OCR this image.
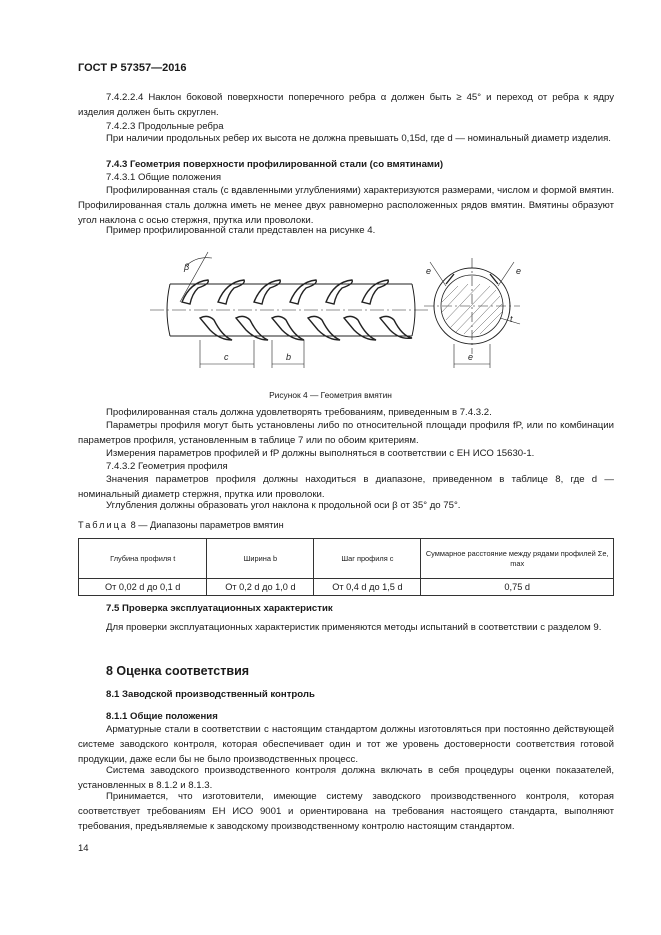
ГОСТ Р 57357—2016

7.4.2.2.4 Наклон боковой поверхности поперечного ребра α должен быть ≥ 45° и переход от ребра к ядру изделия должен быть скруглен.

7.4.2.3 Продольные ребра

При наличии продольных ребер их высота не должна превышать 0,15d, где d — номинальный диаметр изделия.

7.4.3 Геометрия поверхности профилированной стали (со вмятинами)

7.4.3.1 Общие положения

Профилированная сталь (с вдавленными углублениями) характеризуются размерами, числом и формой вмятин. Профилированная сталь должна иметь не менее двух равномерно расположенных рядов вмятин. Вмятины образуют угол наклона с осью стержня, прутка или проволоки.

Пример профилированной стали представлен на рисунке 4.

β
c	b
e	e
e
t
Рисунок 4 — Геометрия вмятин

Профилированная сталь должна удовлетворять требованиям, приведенным в 7.4.3.2.

Параметры профиля могут быть установлены либо по относительной площади профиля fP, или по комбинации параметров профиля, установленным в таблице 7 или по обоим критериям.

Измерения параметров профилей и fP должны выполняться в соответствии с ЕН ИСО 15630-1.

7.4.3.2 Геометрия профиля

Значения параметров профиля должны находиться в диапазоне, приведенном в таблице 8, где d — номинальный диаметр стержня, прутка или проволоки.

Углубления должны образовать угол наклона к продольной оси β от 35° до 75°.

Таблица 8 — Диапазоны параметров вмятин
Глубина профиля t	Ширина b	Шаг профиля c	Суммарное расстояние между рядами профилей Σe, max
От 0,02 d до 0,1 d	От 0,2 d до 1,0 d	От 0,4 d до 1,5 d	0,75 d

7.5 Проверка эксплуатационных характеристик

Для проверки эксплуатационных характеристик применяются методы испытаний в соответствии с разделом 9.

8 Оценка соответствия

8.1 Заводской производственный контроль

8.1.1 Общие положения

Арматурные стали в соответствии с настоящим стандартом должны изготовляться при постоянно действующей системе заводского контроля, которая обеспечивает один и тот же уровень достоверности соответствия готовой продукции, даже если бы не было производственных процесс.

Система заводского производственного контроля должна включать в себя процедуры оценки показателей, установленных в 8.1.2 и 8.1.3.

Принимается, что изготовители, имеющие систему заводского производственного контроля, которая соответствует требованиям ЕН ИСО 9001 и ориентирована на требования настоящего стандарта, выполняют требования, предъявляемые к заводскому производственному контролю настоящим стандартом.

14
